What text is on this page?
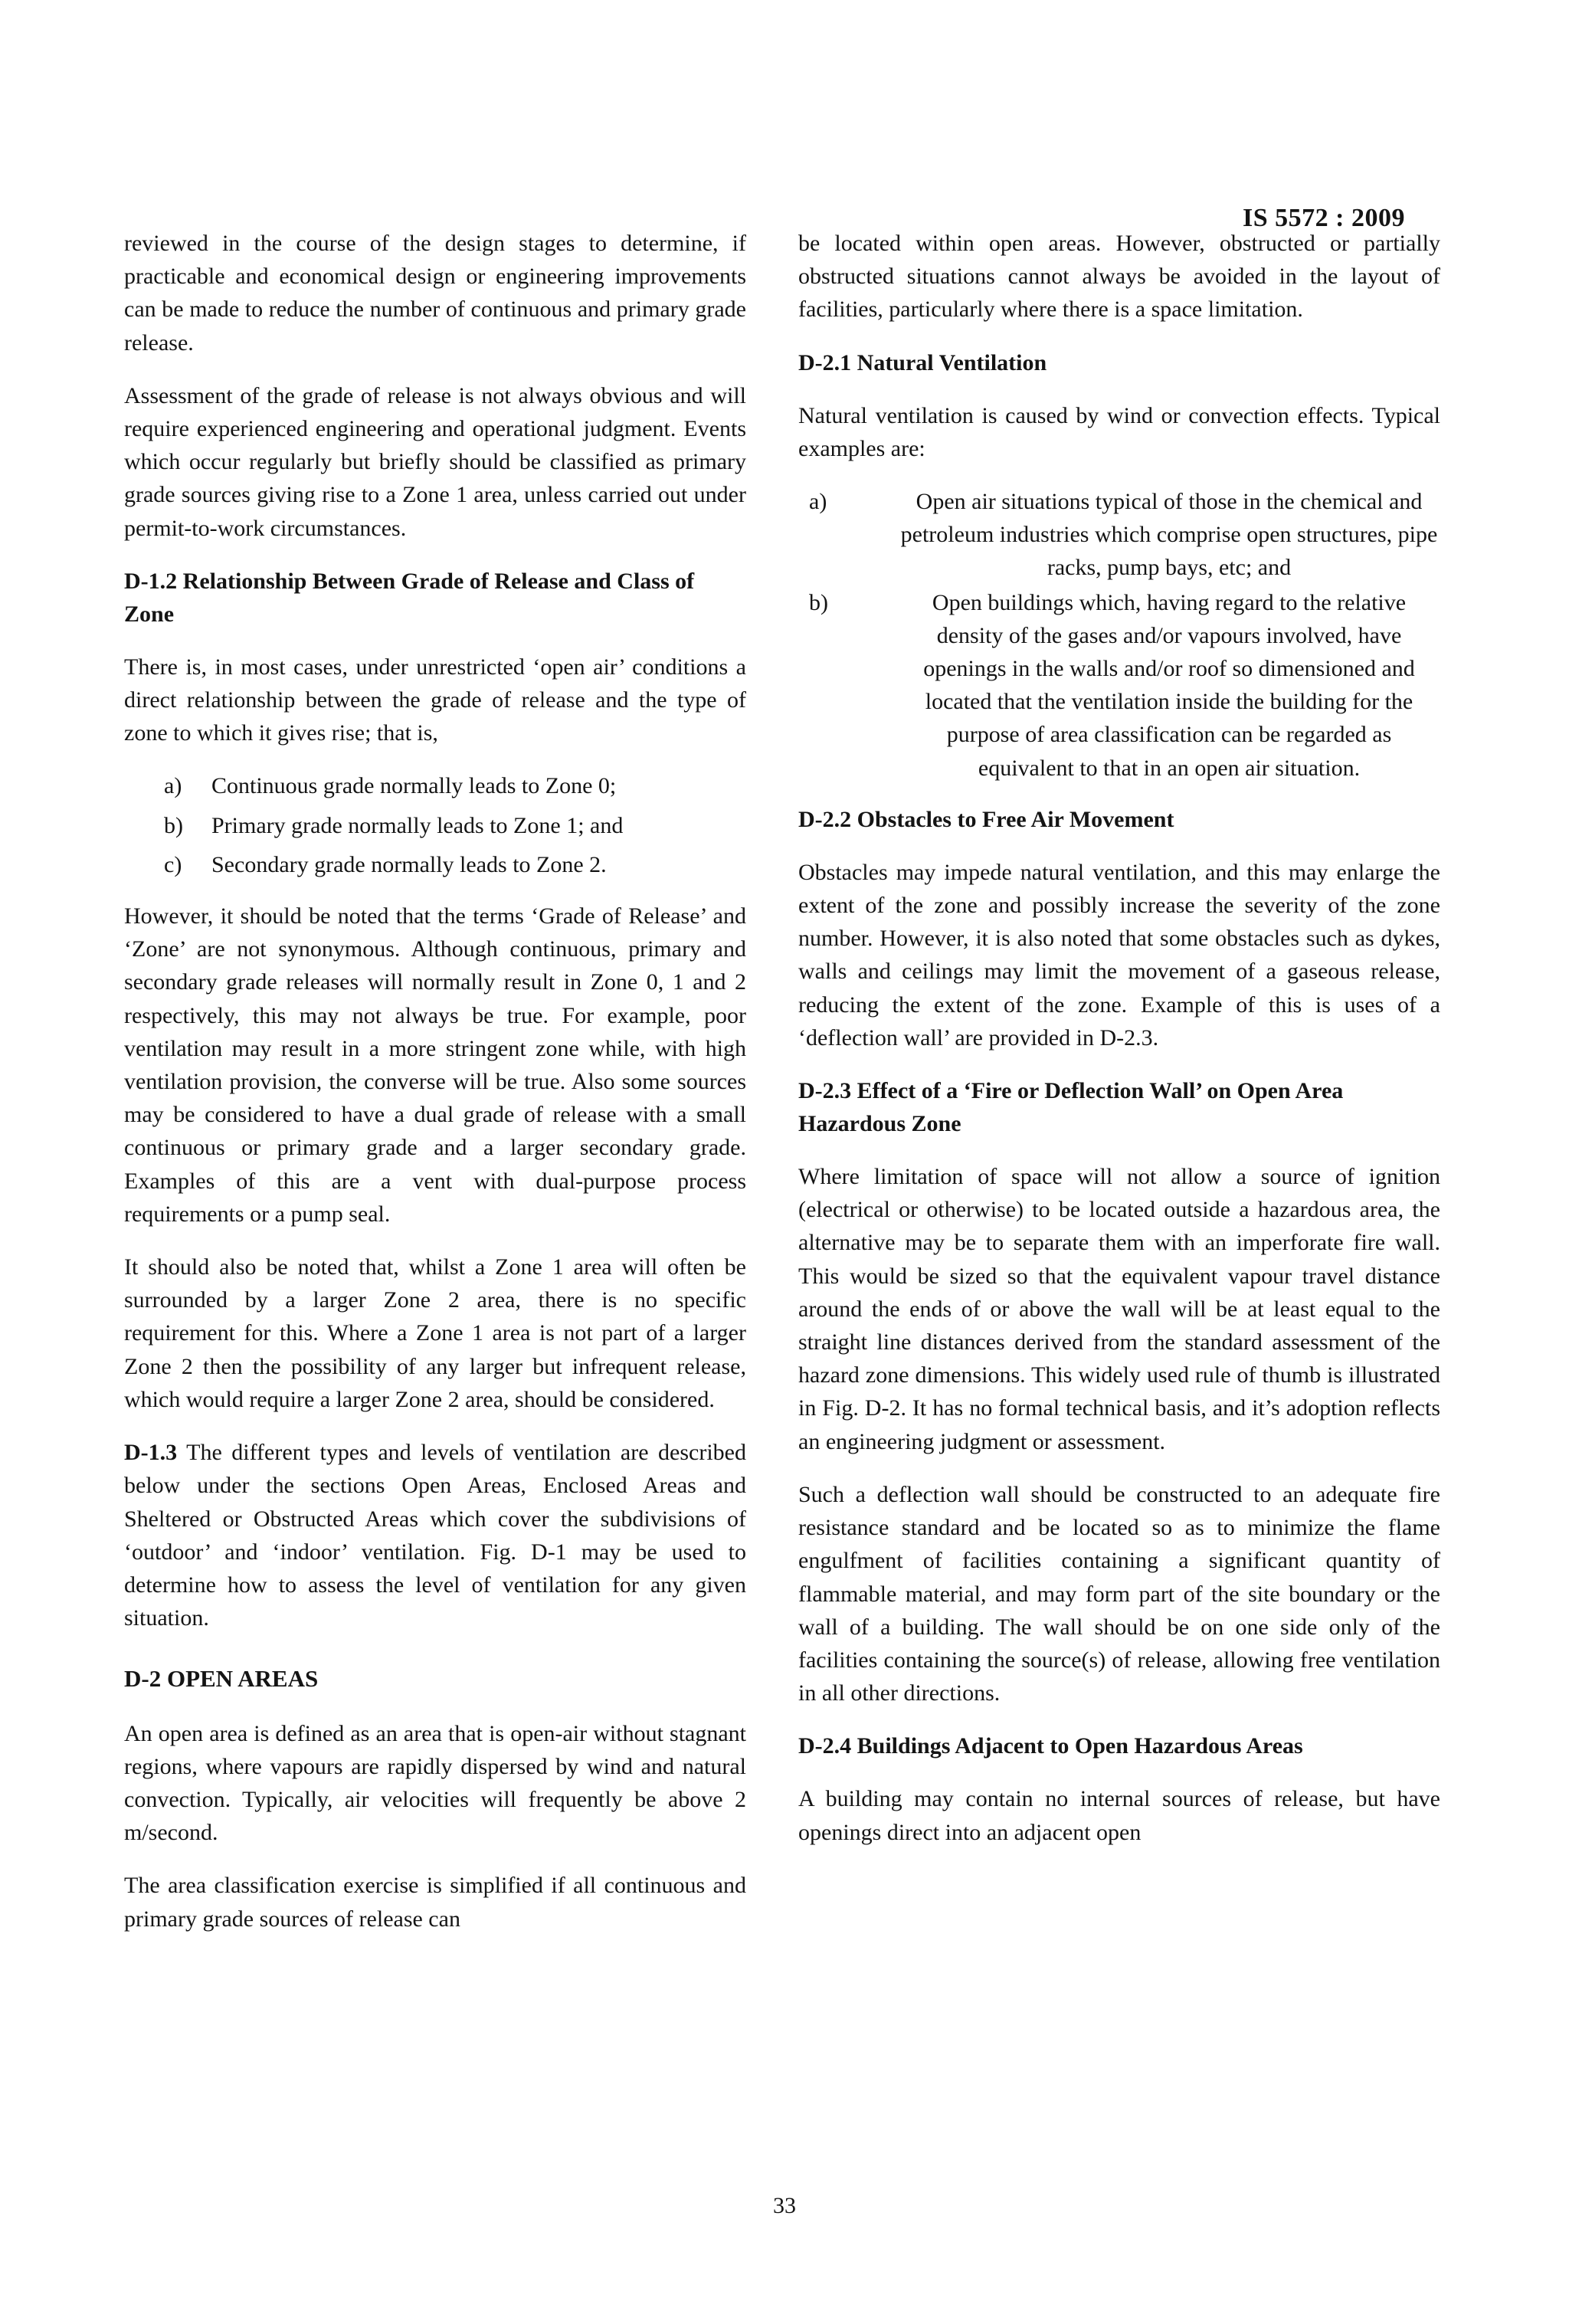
IS 5572 : 2009

reviewed in the course of the design stages to determine, if practicable and economical design or engineering improvements can be made to reduce the number of continuous and primary grade release.

Assessment of the grade of release is not always obvious and will require experienced engineering and operational judgment. Events which occur regularly but briefly should be classified as primary grade sources giving rise to a Zone 1 area, unless carried out under permit-to-work circumstances.

D-1.2 Relationship Between Grade of Release and Class of Zone

There is, in most cases, under unrestricted ‘open air’ conditions a direct relationship between the grade of release and the type of zone to which it gives rise; that is,

a)	Continuous grade normally leads to Zone 0;
b)	Primary grade normally leads to Zone 1; and
c)	Secondary grade normally leads to Zone 2.

However, it should be noted that the terms ‘Grade of Release’ and ‘Zone’ are not synonymous. Although continuous, primary and secondary grade releases will normally result in Zone 0, 1 and 2 respectively, this may not always be true. For example, poor ventilation may result in a more stringent zone while, with high ventilation provision, the converse will be true. Also some sources may be considered to have a dual grade of release with a small continuous or primary grade and a larger secondary grade. Examples of this are a vent with dual-purpose process requirements or a pump seal.

It should also be noted that, whilst a Zone 1 area will often be surrounded by a larger Zone 2 area, there is no specific requirement for this. Where a Zone 1 area is not part of a larger Zone 2 then the possibility of any larger but infrequent release, which would require a larger Zone 2 area, should be considered.

D-1.3 The different types and levels of ventilation are described below under the sections Open Areas, Enclosed Areas and Sheltered or Obstructed Areas which cover the subdivisions of ‘outdoor’ and ‘indoor’ ventilation. Fig. D-1 may be used to determine how to assess the level of ventilation for any given situation.

D-2 OPEN AREAS

An open area is defined as an area that is open-air without stagnant regions, where vapours are rapidly dispersed by wind and natural convection. Typically, air velocities will frequently be above 2 m/second.

The area classification exercise is simplified if all continuous and primary grade sources of release can

be located within open areas. However, obstructed or partially obstructed situations cannot always be avoided in the layout of facilities, particularly where there is a space limitation.

D-2.1 Natural Ventilation

Natural ventilation is caused by wind or convection effects. Typical examples are:

a)	Open air situations typical of those in the chemical and petroleum industries which comprise open structures, pipe racks, pump bays, etc; and
b)	Open buildings which, having regard to the relative density of the gases and/or vapours involved, have openings in the walls and/or roof so dimensioned and located that the ventilation inside the building for the purpose of area classification can be regarded as equivalent to that in an open air situation.
D-2.2 Obstacles to Free Air Movement

Obstacles may impede natural ventilation, and this may enlarge the extent of the zone and possibly increase the severity of the zone number. However, it is also noted that some obstacles such as dykes, walls and ceilings may limit the movement of a gaseous release, reducing the extent of the zone. Example of this is uses of a ‘deflection wall’ are provided in D-2.3.

D-2.3 Effect of a ‘Fire or Deflection Wall’ on Open Area Hazardous Zone

Where limitation of space will not allow a source of ignition (electrical or otherwise) to be located outside a hazardous area, the alternative may be to separate them with an imperforate fire wall. This would be sized so that the equivalent vapour travel distance around the ends of or above the wall will be at least equal to the straight line distances derived from the standard assessment of the hazard zone dimensions. This widely used rule of thumb is illustrated in Fig. D-2. It has no formal technical basis, and it’s adoption reflects an engineering judgment or assessment.

Such a deflection wall should be constructed to an adequate fire resistance standard and be located so as to minimize the flame engulfment of facilities containing a significant quantity of flammable material, and may form part of the site boundary or the wall of a building. The wall should be on one side only of the facilities containing the source(s) of release, allowing free ventilation in all other directions.

D-2.4 Buildings Adjacent to Open Hazardous Areas

A building may contain no internal sources of release, but have openings direct into an adjacent open

33
